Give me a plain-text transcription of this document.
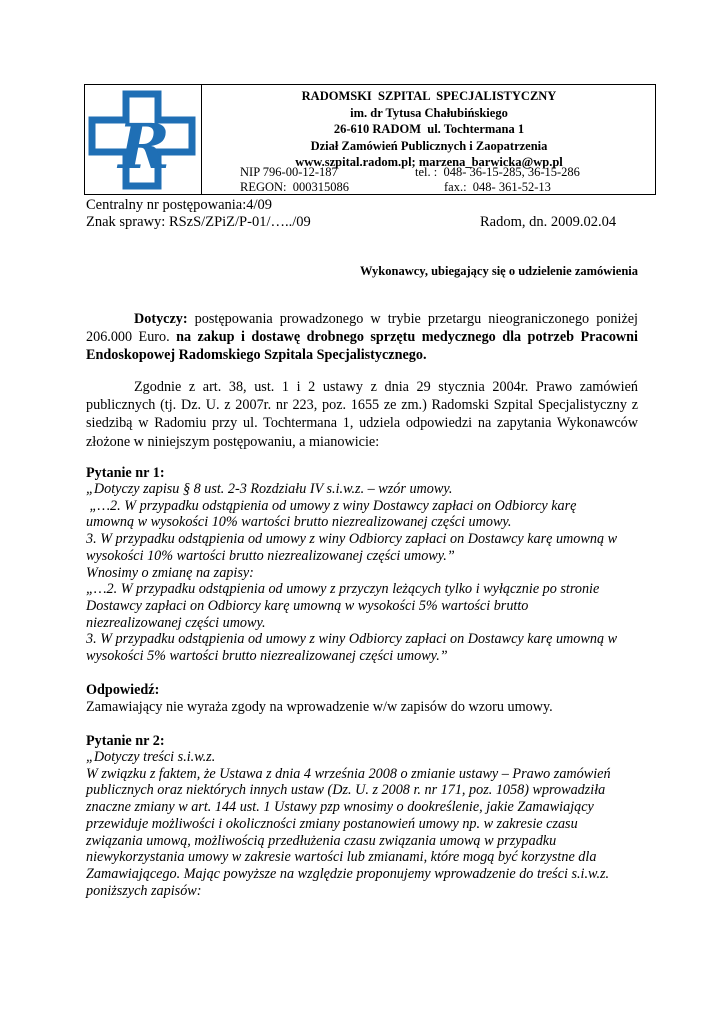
R
RADOMSKI  SZPITAL  SPECJALISTYCZNY
im. dr Tytusa Chałubińskiego
26-610 RADOM  ul. Tochtermana 1
Dział Zamówień Publicznych i Zaopatrzenia
www.szpital.radom.pl; marzena_barwicka@wp.pl
NIP 796-00-12-187	tel. :  048- 36-15-285, 36-15-286
REGON:  000315086	fax.:  048- 361-52-13
Centralny nr postępowania:4/09
Znak sprawy: RSzS/ZPiZ/P-01/…../09	Radom, dn. 2009.02.04
Wykonawcy, ubiegający się o udzielenie zamówienia
Dotyczy: postępowania prowadzonego w trybie przetargu nieograniczonego poniżej 206.000 Euro. na zakup i dostawę drobnego sprzętu medycznego dla potrzeb Pracowni Endoskopowej Radomskiego Szpitala Specjalistycznego.
Zgodnie z art. 38, ust. 1 i 2 ustawy z dnia 29 stycznia 2004r. Prawo zamówień publicznych (tj. Dz. U. z 2007r. nr 223, poz. 1655 ze zm.) Radomski Szpital Specjalistyczny z siedzibą w Radomiu przy ul. Tochtermana 1, udziela odpowiedzi na zapytania Wykonawców złożone w niniejszym postępowaniu, a mianowicie:
Pytanie nr 1:
„Dotyczy zapisu § 8 ust. 2-3 Rozdziału IV s.i.w.z. – wzór umowy.
„…2. W przypadku odstąpienia od umowy z winy Dostawcy zapłaci on Odbiorcy karę
umowną w wysokości 10% wartości brutto niezrealizowanej części umowy.
3. W przypadku odstąpienia od umowy z winy Odbiorcy zapłaci on Dostawcy karę umowną w
wysokości 10% wartości brutto niezrealizowanej części umowy.”
Wnosimy o zmianę na zapisy:
„…2. W przypadku odstąpienia od umowy z przyczyn leżących tylko i wyłącznie po stronie
Dostawcy zapłaci on Odbiorcy karę umowną w wysokości 5% wartości brutto
niezrealizowanej części umowy.
3. W przypadku odstąpienia od umowy z winy Odbiorcy zapłaci on Dostawcy karę umowną w
wysokości 5% wartości brutto niezrealizowanej części umowy.”
Odpowiedź:
Zamawiający nie wyraża zgody na wprowadzenie w/w zapisów do wzoru umowy.
Pytanie nr 2:
„Dotyczy treści s.i.w.z.
W związku z faktem, że Ustawa z dnia 4 września 2008 o zmianie ustawy – Prawo zamówień
publicznych oraz niektórych innych ustaw (Dz. U. z 2008 r. nr 171, poz. 1058) wprowadziła
znaczne zmiany w art. 144 ust. 1 Ustawy pzp wnosimy o dookreślenie, jakie Zamawiający
przewiduje możliwości i okoliczności zmiany postanowień umowy np. w zakresie czasu
związania umową, możliwością przedłużenia czasu związania umową w przypadku
niewykorzystania umowy w zakresie wartości lub zmianami, które mogą być korzystne dla
Zamawiającego. Mając powyższe na względzie proponujemy wprowadzenie do treści s.i.w.z.
poniższych zapisów:
